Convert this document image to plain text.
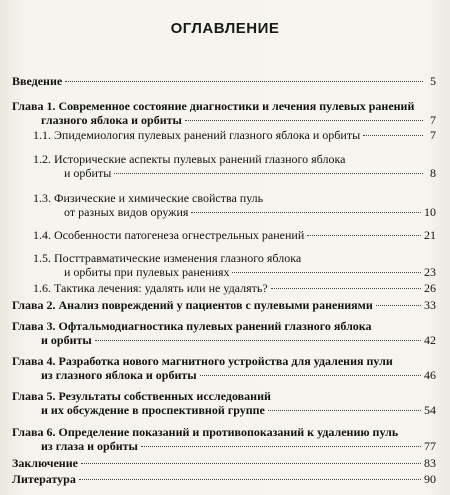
ОГЛАВЛЕНИЕ
Введение	5
Глава 1. Современное состояние диагностики и лечения пулевых ранений
глазного яблока и орбиты	7
1.1. Эпидемиология пулевых ранений глазного яблока и орбиты	7
1.2. Исторические аспекты пулевых ранений глазного яблока
и орбиты	8
1.3. Физические и химические свойства пуль
от разных видов оружия	10
1.4. Особенности патогенеза огнестрельных ранений	21
1.5. Посттравматические изменения глазного яблока
и орбиты при пулевых ранениях	23
1.6. Тактика лечения: удалять или не удалять?	26
Глава 2. Анализ повреждений у пациентов с пулевыми ранениями	33
Глава 3. Офтальмодиагностика пулевых ранений глазного яблока
и орбиты	42
Глава 4. Разработка нового магнитного устройства для удаления пули
из глазного яблока и орбиты	46
Глава 5. Результаты собственных исследований
и их обсуждение в проспективной группе	54
Глава 6. Определение показаний и противопоказаний к удалению пуль
из глаза и орбиты	77
Заключение	83
Литература	90
